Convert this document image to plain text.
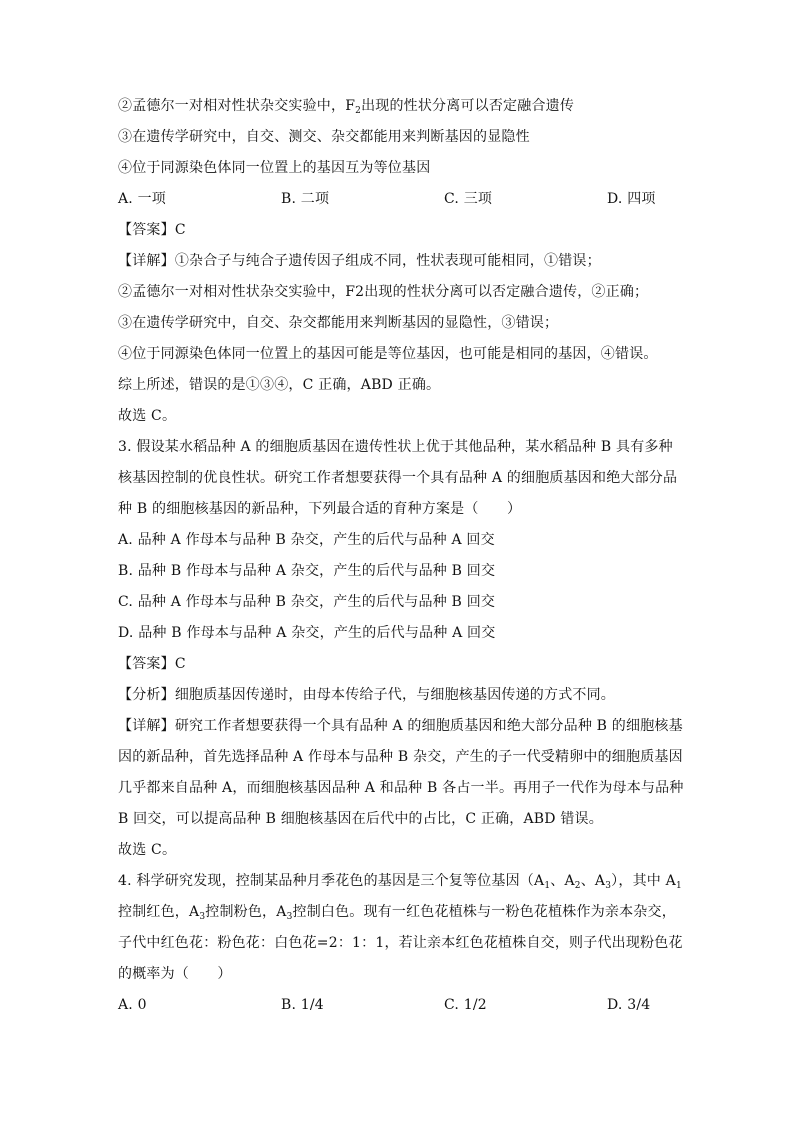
②孟德尔一对相对性状杂交实验中，$F_2$出现的性状分离可以否定融合遗传
③在遗传学研究中，自交、测交、杂交都能用来判断基因的显隐性
④位于同源染色体同一位置上的基因互为等位基因
A. 一项	B. 二项	C. 三项	D. 四项
【答案】C
【详解】①杂合子与纯合子遗传因子组成不同，性状表现可能相同，①错误；
②孟德尔一对相对性状杂交实验中，F2出现的性状分离可以否定融合遗传，②正确；
③在遗传学研究中，自交、杂交都能用来判断基因的显隐性，③错误；
④位于同源染色体同一位置上的基因可能是等位基因，也可能是相同的基因，④错误。
综上所述，错误的是①③④，C 正确，ABD 正确。
故选 C。
3. 假设某水稻品种 A 的细胞质基因在遗传性状上优于其他品种，某水稻品种 B 具有多种
核基因控制的优良性状。研究工作者想要获得一个具有品种 A 的细胞质基因和绝大部分品
种 B 的细胞核基因的新品种，下列最合适的育种方案是（　　）
A. 品种 A 作母本与品种 B 杂交，产生的后代与品种 A 回交
B. 品种 B 作母本与品种 A 杂交，产生的后代与品种 B 回交
C. 品种 A 作母本与品种 B 杂交，产生的后代与品种 B 回交
D. 品种 B 作母本与品种 A 杂交，产生的后代与品种 A 回交
【答案】C
【分析】细胞质基因传递时，由母本传给子代，与细胞核基因传递的方式不同。
【详解】研究工作者想要获得一个具有品种 A 的细胞质基因和绝大部分品种 B 的细胞核基
因的新品种，首先选择品种 A 作母本与品种 B 杂交，产生的子一代受精卵中的细胞质基因
几乎都来自品种 A，而细胞核基因品种 A 和品种 B 各占一半。再用子一代作为母本与品种
B 回交，可以提高品种 B 细胞核基因在后代中的占比，C 正确，ABD 错误。
故选 C。
4. 科学研究发现，控制某品种月季花色的基因是三个复等位基因（$A_1$、$A_2$、$A_3$），其中 $A_1$
控制红色，$A_3$控制粉色，$A_3$控制白色。现有一红色花植株与一粉色花植株作为亲本杂交，
子代中红色花：粉色花：白色花=2：1：1，若让亲本红色花植株自交，则子代出现粉色花
的概率为（　　）
A. 0	B. 1/4	C. 1/2	D. 3/4
